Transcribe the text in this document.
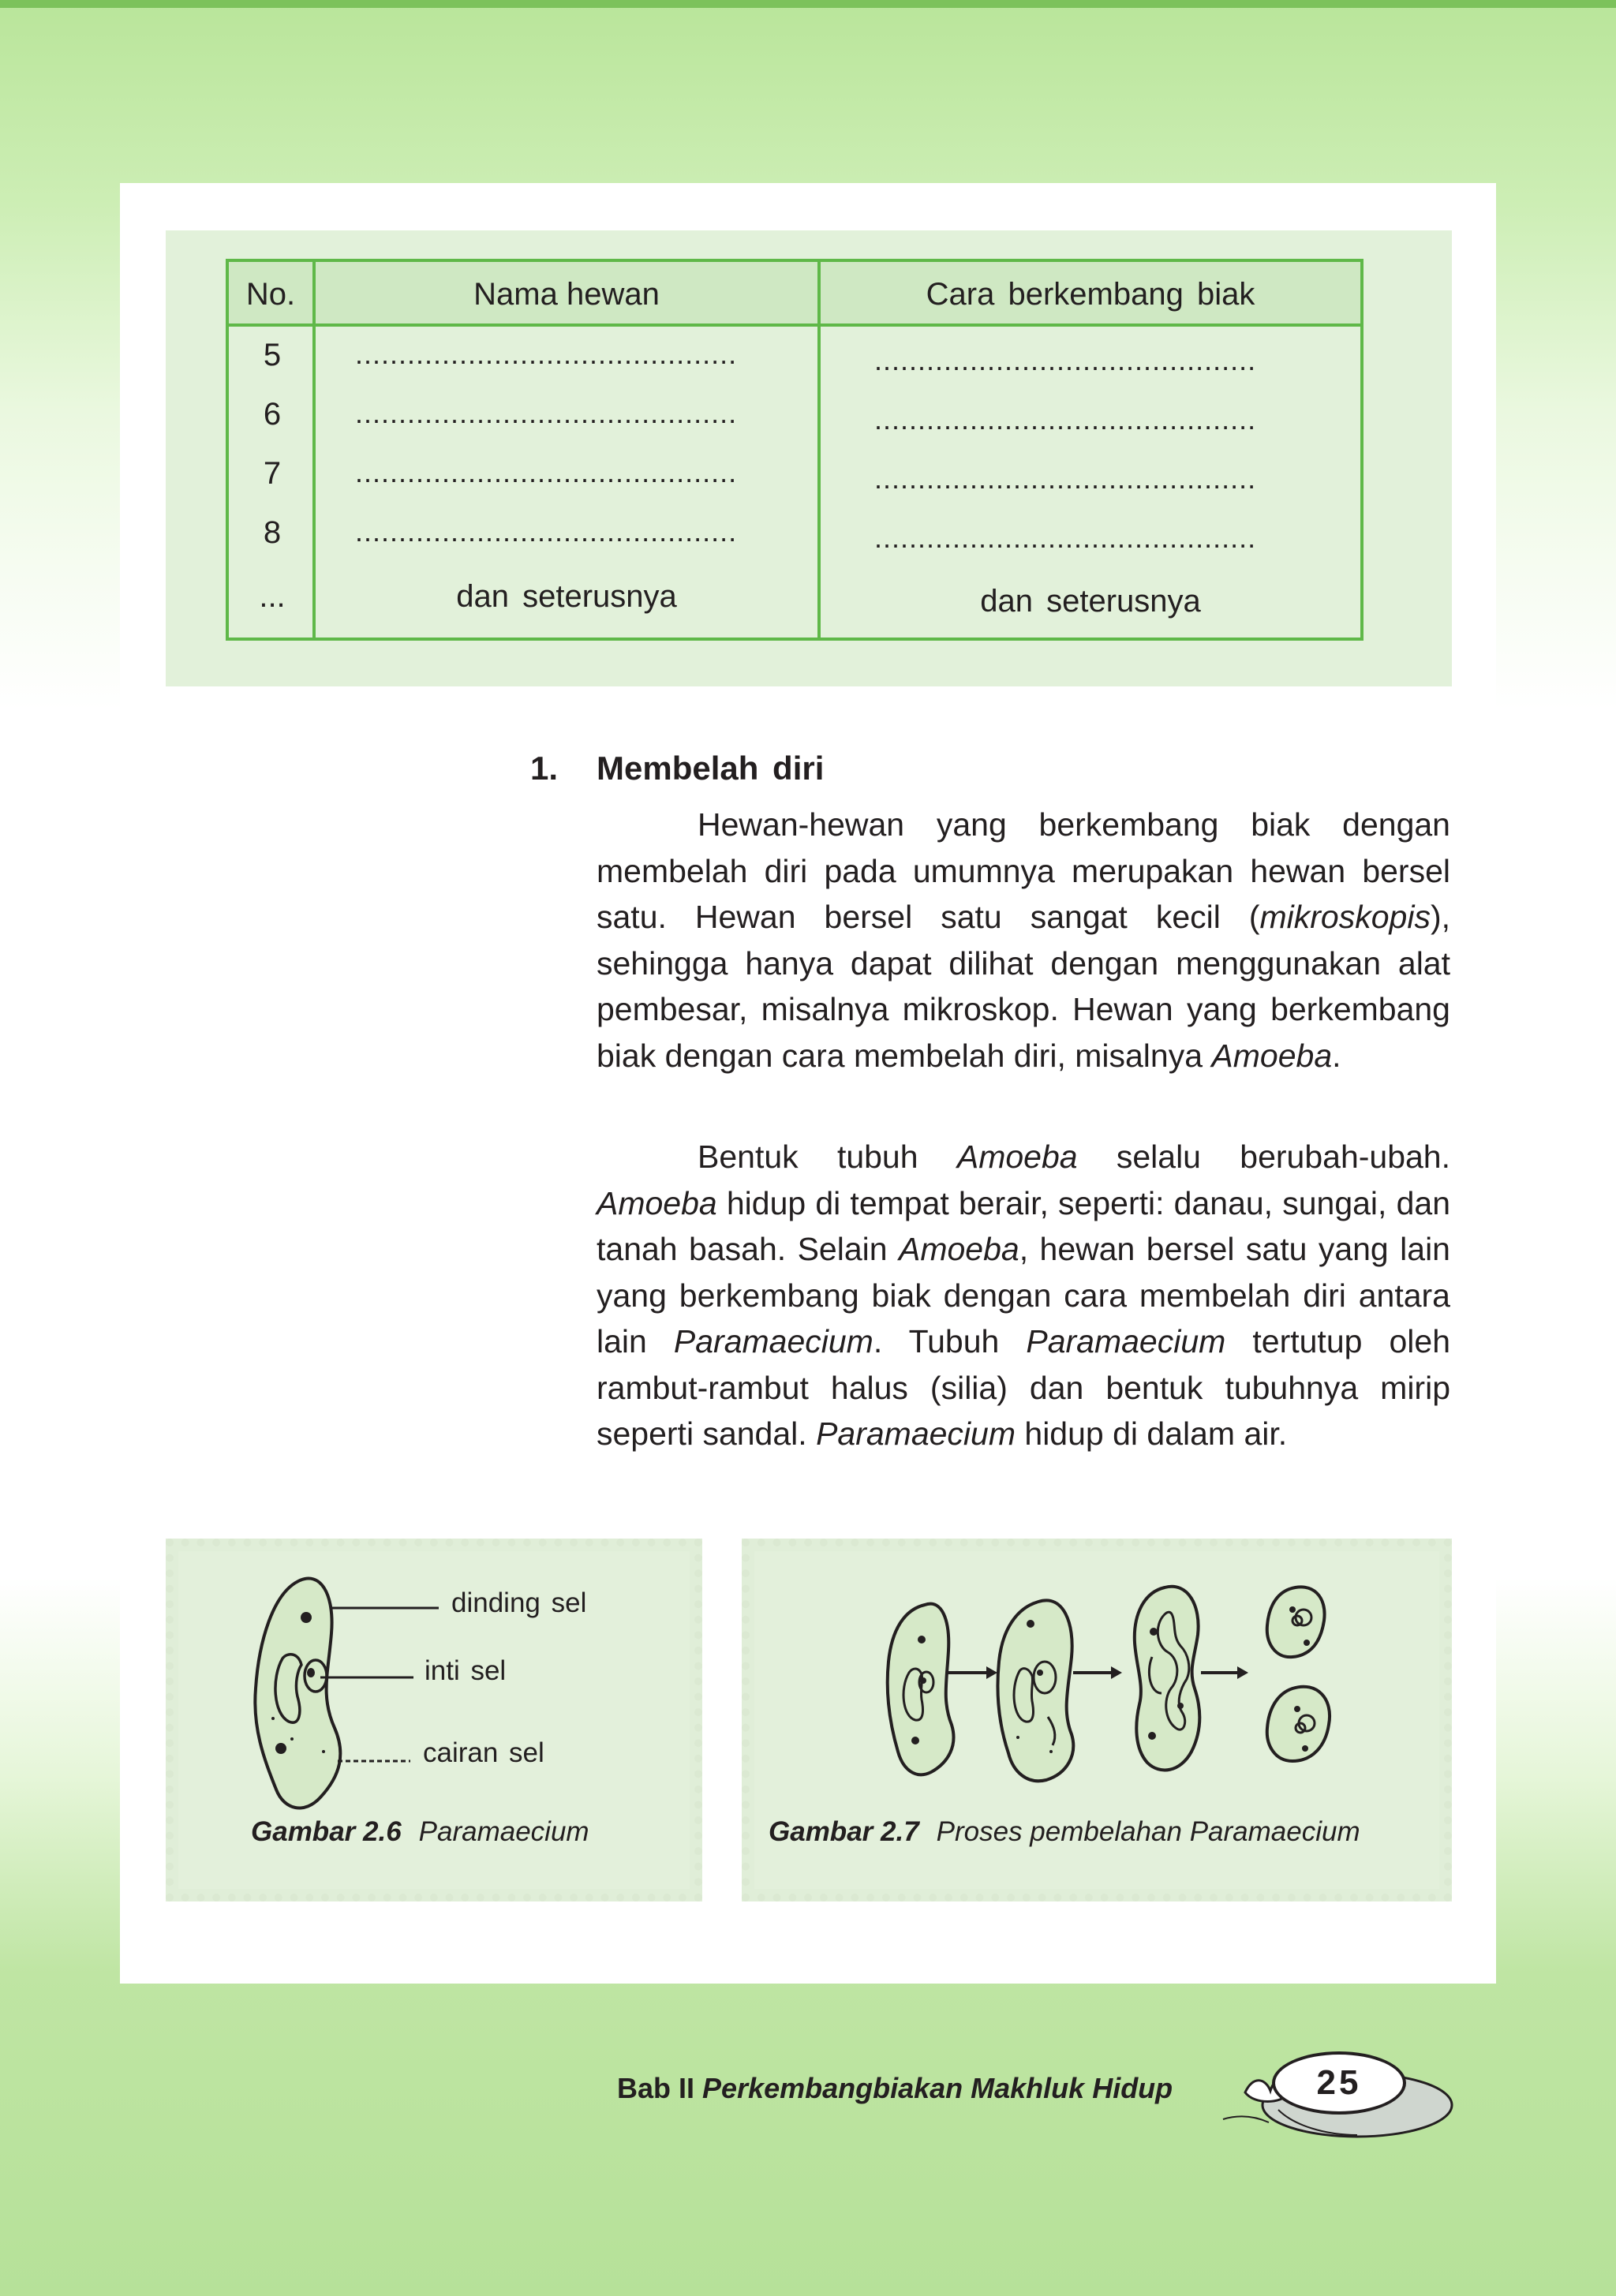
No.	Nama hewan	Cara berkembang biak
5	............................................	............................................
6	............................................	............................................
7	............................................	............................................
8	............................................	............................................
...	dan seterusnya	dan seterusnya
1. Membelah diri

Hewan-hewan yang berkembang biak dengan membelah diri pada umumnya merupakan hewan bersel satu. Hewan bersel satu sangat kecil (mikroskopis), sehingga hanya dapat dilihat dengan menggunakan alat pembesar, misalnya mikroskop. Hewan yang berkembang biak dengan cara membelah diri, misalnya Amoeba.

Bentuk tubuh Amoeba selalu berubah-ubah. Amoeba hidup di tempat berair, seperti: danau, sungai, dan tanah basah. Selain Amoeba, hewan bersel satu yang lain yang berkembang biak dengan cara membelah diri antara lain Paramaecium. Tubuh Paramaecium tertutup oleh rambut-rambut halus (silia) dan bentuk tubuhnya mirip seperti sandal. Paramaecium hidup di dalam air.

dinding sel
inti sel
cairan sel
Gambar 2.6 Paramaecium	Gambar 2.7 Proses pembelahan Paramaecium
Bab II Perkembangbiakan Makhluk Hidup	25
